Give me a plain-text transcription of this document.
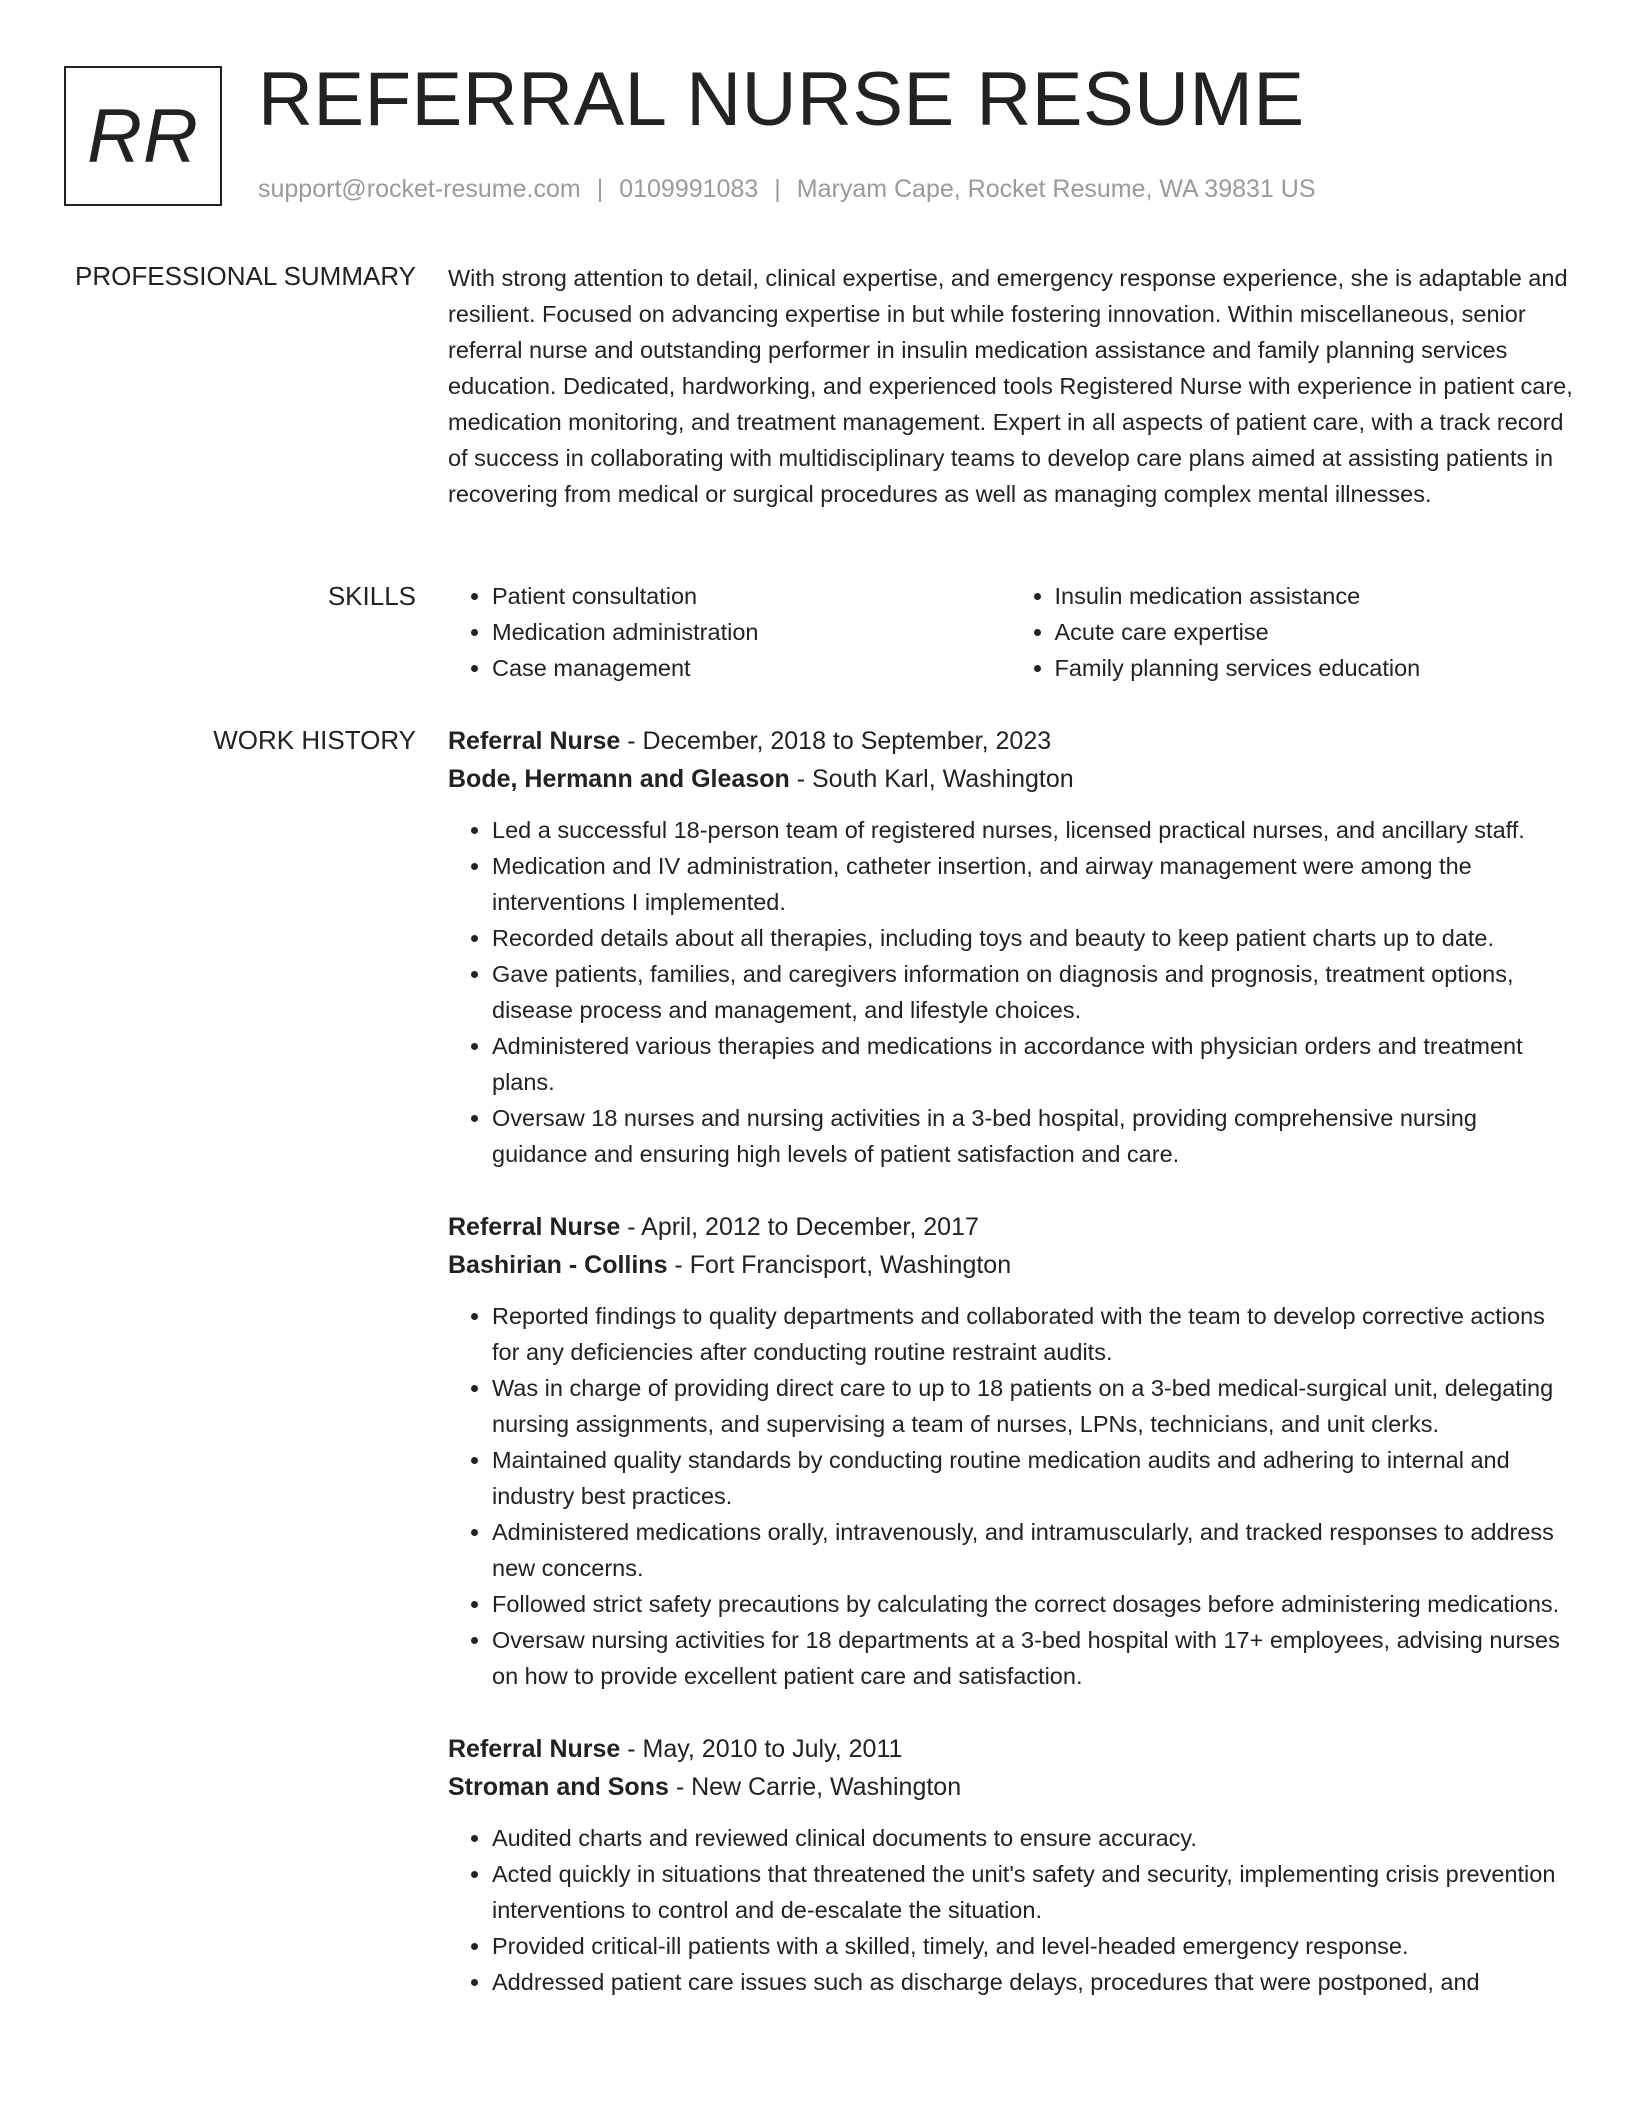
RR REFERRAL NURSE RESUME
support@rocket-resume.com | 0109991083 | Maryam Cape, Rocket Resume, WA 39831 US
PROFESSIONAL SUMMARY With strong attention to detail, clinical expertise, and emergency response experience, she is adaptable and resilient. Focused on advancing expertise in but while fostering innovation. Within miscellaneous, senior referral nurse and outstanding performer in insulin medication assistance and family planning services education. Dedicated, hardworking, and experienced tools Registered Nurse with experience in patient care, medication monitoring, and treatment management. Expert in all aspects of patient care, with a track record of success in collaborating with multidisciplinary teams to develop care plans aimed at assisting patients in recovering from medical or surgical procedures as well as managing complex mental illnesses.

SKILLS
•	Patient consultation
• Medication administration
• Case management
• Insulin medication assistance
• Acute care expertise
• Family planning services education
WORK HISTORY Referral Nurse - December, 2018 to September, 2023

Bode, Hermann and Gleason - South Karl, Washington

• Led a successful 18-person team of registered nurses, licensed practical nurses, and ancillary staff.
• Medication and IV administration, catheter insertion, and airway management were among the interventions I implemented.
• Recorded details about all therapies, including toys and beauty to keep patient charts up to date.
• Gave patients, families, and caregivers information on diagnosis and prognosis, treatment options, disease process and management, and lifestyle choices.
• Administered various therapies and medications in accordance with physician orders and treatment plans.
• Oversaw 18 nurses and nursing activities in a 3-bed hospital, providing comprehensive nursing guidance and ensuring high levels of patient satisfaction and care.

Referral Nurse - April, 2012 to December, 2017

Bashirian - Collins - Fort Francisport, Washington

• Reported findings to quality departments and collaborated with the team to develop corrective actions for any deficiencies after conducting routine restraint audits.
• Was in charge of providing direct care to up to 18 patients on a 3-bed medical-surgical unit, delegating nursing assignments, and supervising a team of nurses, LPNs, technicians, and unit clerks.
• Maintained quality standards by conducting routine medication audits and adhering to internal and industry best practices.
• Administered medications orally, intravenously, and intramuscularly, and tracked responses to address new concerns.
• Followed strict safety precautions by calculating the correct dosages before administering medications.
• Oversaw nursing activities for 18 departments at a 3-bed hospital with 17+ employees, advising nurses on how to provide excellent patient care and satisfaction.

Referral Nurse - May, 2010 to July, 2011

Stroman and Sons - New Carrie, Washington

• Audited charts and reviewed clinical documents to ensure accuracy.
• Acted quickly in situations that threatened the unit's safety and security, implementing crisis prevention interventions to control and de-escalate the situation.
• Provided critical-ill patients with a skilled, timely, and level-headed emergency response.
• Addressed patient care issues such as discharge delays, procedures that were postponed, and
